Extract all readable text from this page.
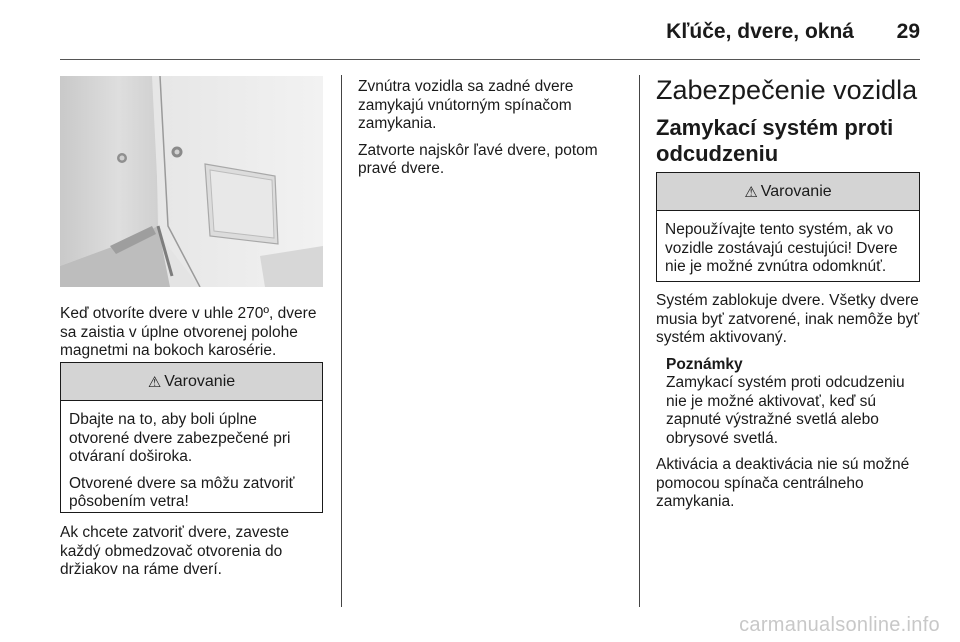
Kľúče, dvere, okná	29

Keď otvoríte dvere v uhle 270º, dvere sa zaistia v úplne otvorenej polohe magnetmi na bokoch karosérie.

⚠ Varovanie

Dbajte na to, aby boli úplne otvorené dvere zabezpečené pri otváraní doširoka.

Otvorené dvere sa môžu zatvoriť pôsobením vetra!

Ak chcete zatvoriť dvere, zaveste každý obmedzovač otvorenia do držiakov na ráme dverí.

Zvnútra vozidla sa zadné dvere zamykajú vnútorným spínačom zamykania.

Zatvorte najskôr ľavé dvere, potom pravé dvere.

Zabezpečenie vozidla
Zamykací systém proti odcudzeniu
⚠ Varovanie

Nepoužívajte tento systém, ak vo vozidle zostávajú cestujúci! Dvere nie je možné zvnútra odomknúť.

Systém zablokuje dvere. Všetky dvere musia byť zatvorené, inak nemôže byť systém aktivovaný.

Poznámky
Zamykací systém proti odcudzeniu nie je možné aktivovať, keď sú zapnuté výstražné svetlá alebo obrysové svetlá.

Aktivácia a deaktivácia nie sú možné pomocou spínača centrálneho zamykania.

carmanualsonline.info
